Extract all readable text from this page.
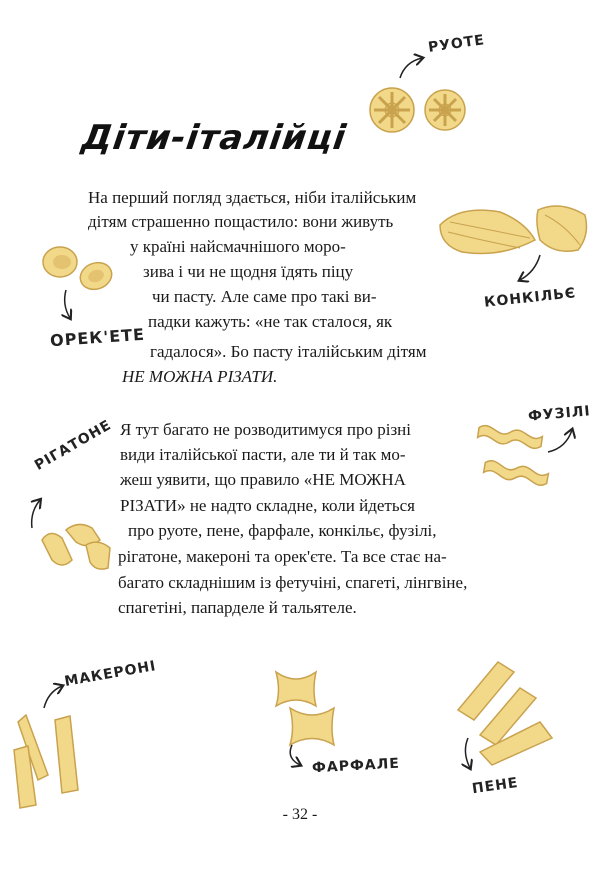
Діти-італійці
На перший погляд здається, ніби італійським
дітям страшенно пощастило: вони живуть
у країні найсмачнішого моро-
зива і чи не щодня їдять піцу
чи пасту. Але саме про такі ви-
падки кажуть: «не так сталося, як
гадалося». Бо пасту італійським дітям
НЕ МОЖНА РІЗАТИ.
Я тут багато не розводитимуся про різні
види італійської пасти, але ти й так мо-
жеш уявити, що правило «НЕ МОЖНА
РІЗАТИ» не надто складне, коли йдеться
про руоте, пене, фарфале, конкільє, фузілі,
рігатоне, макероні та орек'єте. Та все стає на-
багато складнішим із фетучіні, спагеті, лінгвіне,
спагетіні, папарделе й тальятеле.
РУОТЕ
КОНКІЛЬЄ
ОРЕК'ЕТЕ
ФУЗІЛІ
РІГАТОНЕ
МАКЕРОНІ
ФАРФАЛЕ
ПЕНЕ
- 32 -
